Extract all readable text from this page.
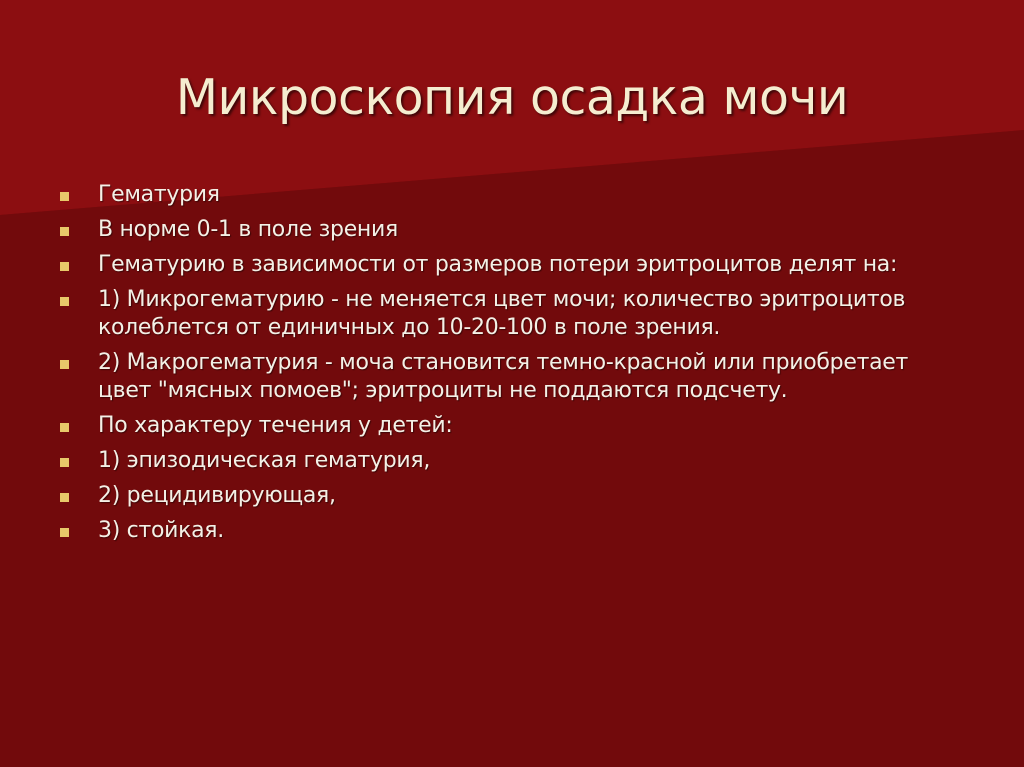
Микроскопия осадка мочи
Гематурия
В норме 0-1 в поле зрения
Гематурию в зависимости от размеров потери эритроцитов делят на:
1) Микрогематурию - не меняется цвет мочи; количество эритроцитов колеблется от единичных до 10-20-100 в поле зрения.
2) Макрогематурия - моча становится темно-красной или приобретает цвет "мясных помоев"; эритроциты не поддаются подсчету.
По характеру течения у детей:
1) эпизодическая гематурия,
2) рецидивирующая,
3) стойкая.
